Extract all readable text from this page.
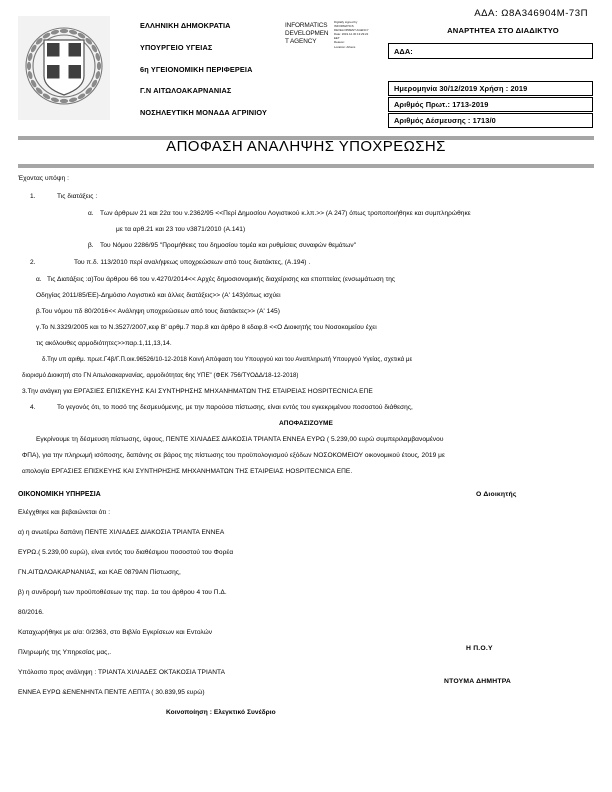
ΕΛΛΗΝΙΚΗ ΔΗΜΟΚΡΑΤΙΑ
ΥΠΟΥΡΓΕΙΟ ΥΓΕΙΑΣ
6η ΥΓΕΙΟΝΟΜΙΚΗ ΠΕΡΙΦΕΡΕΙΑ
Γ.Ν ΑΙΤΩΛΟΑΚΑΡΝΑΝΙΑΣ
ΝΟΣΗΛΕΥΤΙΚΗ ΜΟΝΑΔΑ ΑΓΡΙΝΙΟΥ
INFORMATICS
DEVELOPMEN
T AGENCY
Digitally signed by
INFORMATICS
DEVELOPMENT AGENCY
Date: 2019.12.30 13:29:22
EET
Reason:
Location: Athens
ΑΔΑ: Ω8Α346904Μ-73Π
ΑΝΑΡΤΗΤΕΑ ΣΤΟ ΔΙΑΔΙΚΤΥΟ
ΑΔΑ:
Ημερομηνία 30/12/2019 Χρήση : 2019
Αριθμός Πρωτ.: 1713-2019
Αριθμός Δέσμευσης : 1713/0
ΑΠΟΦΑΣΗ ΑΝΑΛΗΨΗΣ ΥΠΟΧΡΕΩΣΗΣ
Έχοντας υπόψη :
1.	Τις διατάξεις :
α. Των άρθρων 21 και 22α του ν.2362/95 <<Περί Δημοσίου Λογιστικού κ.λπ.>> (Α 247) όπως τροποποιήθηκε και συμπληρώθηκε
με τα αρθ.21 και 23 του ν3871/2010 (Α.141)
β. Του Νόμου 2286/95 "Προμήθειες του δημοσίου τομέα και ρυθμίσεις συναφών θεμάτων"
2.	Του π.δ. 113/2010 περί αναλήψεως υποχρεώσεων από τους διατάκτες, (Α.194) .
α. Τις Διατάξεις :α)Του άρθρου 66 του ν.4270/2014<< Αρχές δημοσιονομικής διαχείρισης και εποπτείας (ενσωμάτωση της
Οδηγίας 2011/85/ΕΕ)-Δημόσιο Λογιστικό και άλλες διατάξεις>> (Α' 143)όπως ισχύει
β.Του νόμου πδ 80/2016<< Ανάληψη υποχρεώσεων από τους διατάκτες>> (Α' 145)
γ.Το Ν.3329/2005 και το Ν.3527/2007,κεφ Β' αρθμ.7 παρ.8 και άρθρο 8 εδαφ.8 <<Ο Διοικητής του Νοσοκομείου έχει
τις ακόλουθες αρμοδιότητες>>παρ.1,11,13,14.
δ.Την υπ αριθμ. πρωτ.Γ4β/Γ.Π.οικ.96526/10-12-2018 Κοινή Απόφαση του Υπουργού και του Αναπληρωτή Υπουργού Υγείας, σχετικά με
διορισμό Διοικητή στο ΓΝ Αιτωλοακαρνανίας, αρμοδιότητας 6ης ΥΠΕ" (ΦΕΚ 756/ΤΥΟΔΔ/18-12-2018)
3.Την ανάγκη για ΕΡΓΑΣΙΕΣ ΕΠΙΣΚΕΥΗΣ ΚΑΙ ΣΥΝΤΗΡΗΣΗΣ ΜΗΧΑΝΗΜΑΤΩΝ ΤΗΣ ΕΤΑΙΡΕΙΑΣ HOSPITECNICA ΕΠΕ
4.	Το γεγονός ότι, το ποσό της δεσμευόμενης, με την παρούσα πίστωσης, είναι εντός του εγκεκριμένου ποσοστού διάθεσης,
ΑΠΟΦΑΣΙΖΟΥΜΕ
Εγκρίνουμε τη δέσμευση πίστωσης, ύψους, ΠΕΝΤΕ ΧΙΛΙΑΔΕΣ ΔΙΑΚΟΣΙΑ ΤΡΙΑΝΤΑ ΕΝΝΕΑ ΕΥΡΩ ( 5.239,00 ευρώ συμπεριλαμβανομένου
ΦΠΑ), για την πληρωμή ισόποσης, δαπάνης σε βάρος της πίστωσης του προϋπολογισμού εξόδων ΝΟΣΟΚΟΜΕΙΟΥ οικονομικού έτους, 2019 με
απολογία ΕΡΓΑΣΙΕΣ ΕΠΙΣΚΕΥΗΣ ΚΑΙ ΣΥΝΤΗΡΗΣΗΣ ΜΗΧΑΝΗΜΑΤΩΝ ΤΗΣ ΕΤΑΙΡΕΙΑΣ HOSPITECNICA ΕΠΕ.
ΟΙΚΟΝΟΜΙΚΗ ΥΠΗΡΕΣΙΑ
Ελέγχθηκε και βεβαιώνεται ότι :
α) η ανωτέρω δαπάνη ΠΕΝΤΕ ΧΙΛΙΑΔΕΣ ΔΙΑΚΟΣΙΑ ΤΡΙΑΝΤΑ ΕΝΝΕΑ
ΕΥΡΩ.( 5.239,00 ευρώ), είναι εντός του διαθέσιμου ποσοστού του Φορέα
ΓΝ.ΑΙΤΩΛΟΑΚΑΡΝΑΝΙΑΣ, και ΚΑΕ 0879ΑΝ Πίστωσης,
β) η συνδρομή των προϋποθέσεων της παρ. 1α του άρθρου 4 του Π.Δ.
80/2016.
Καταχωρήθηκε με α/α: 0/2363, στο Βιβλίο Εγκρίσεων και Εντολών
Πληρωμής της Υπηρεσίας μας,.
Υπόλοιπο προς ανάληψη : ΤΡΙΑΝΤΑ ΧΙΛΙΑΔΕΣ ΟΚΤΑΚΟΣΙΑ ΤΡΙΑΝΤΑ
ΕΝΝΕΑ ΕΥΡΩ &ΕΝΕΝΗΝΤΑ ΠΕΝΤΕ ΛΕΠΤΑ ( 30.839,95 ευρώ)
Κοινοποίηση : Ελεγκτικό Συνέδριο
Ο Διοικητής
Η Π.Ο.Υ
ΝΤΟΥΜΑ ΔΗΜΗΤΡΑ
